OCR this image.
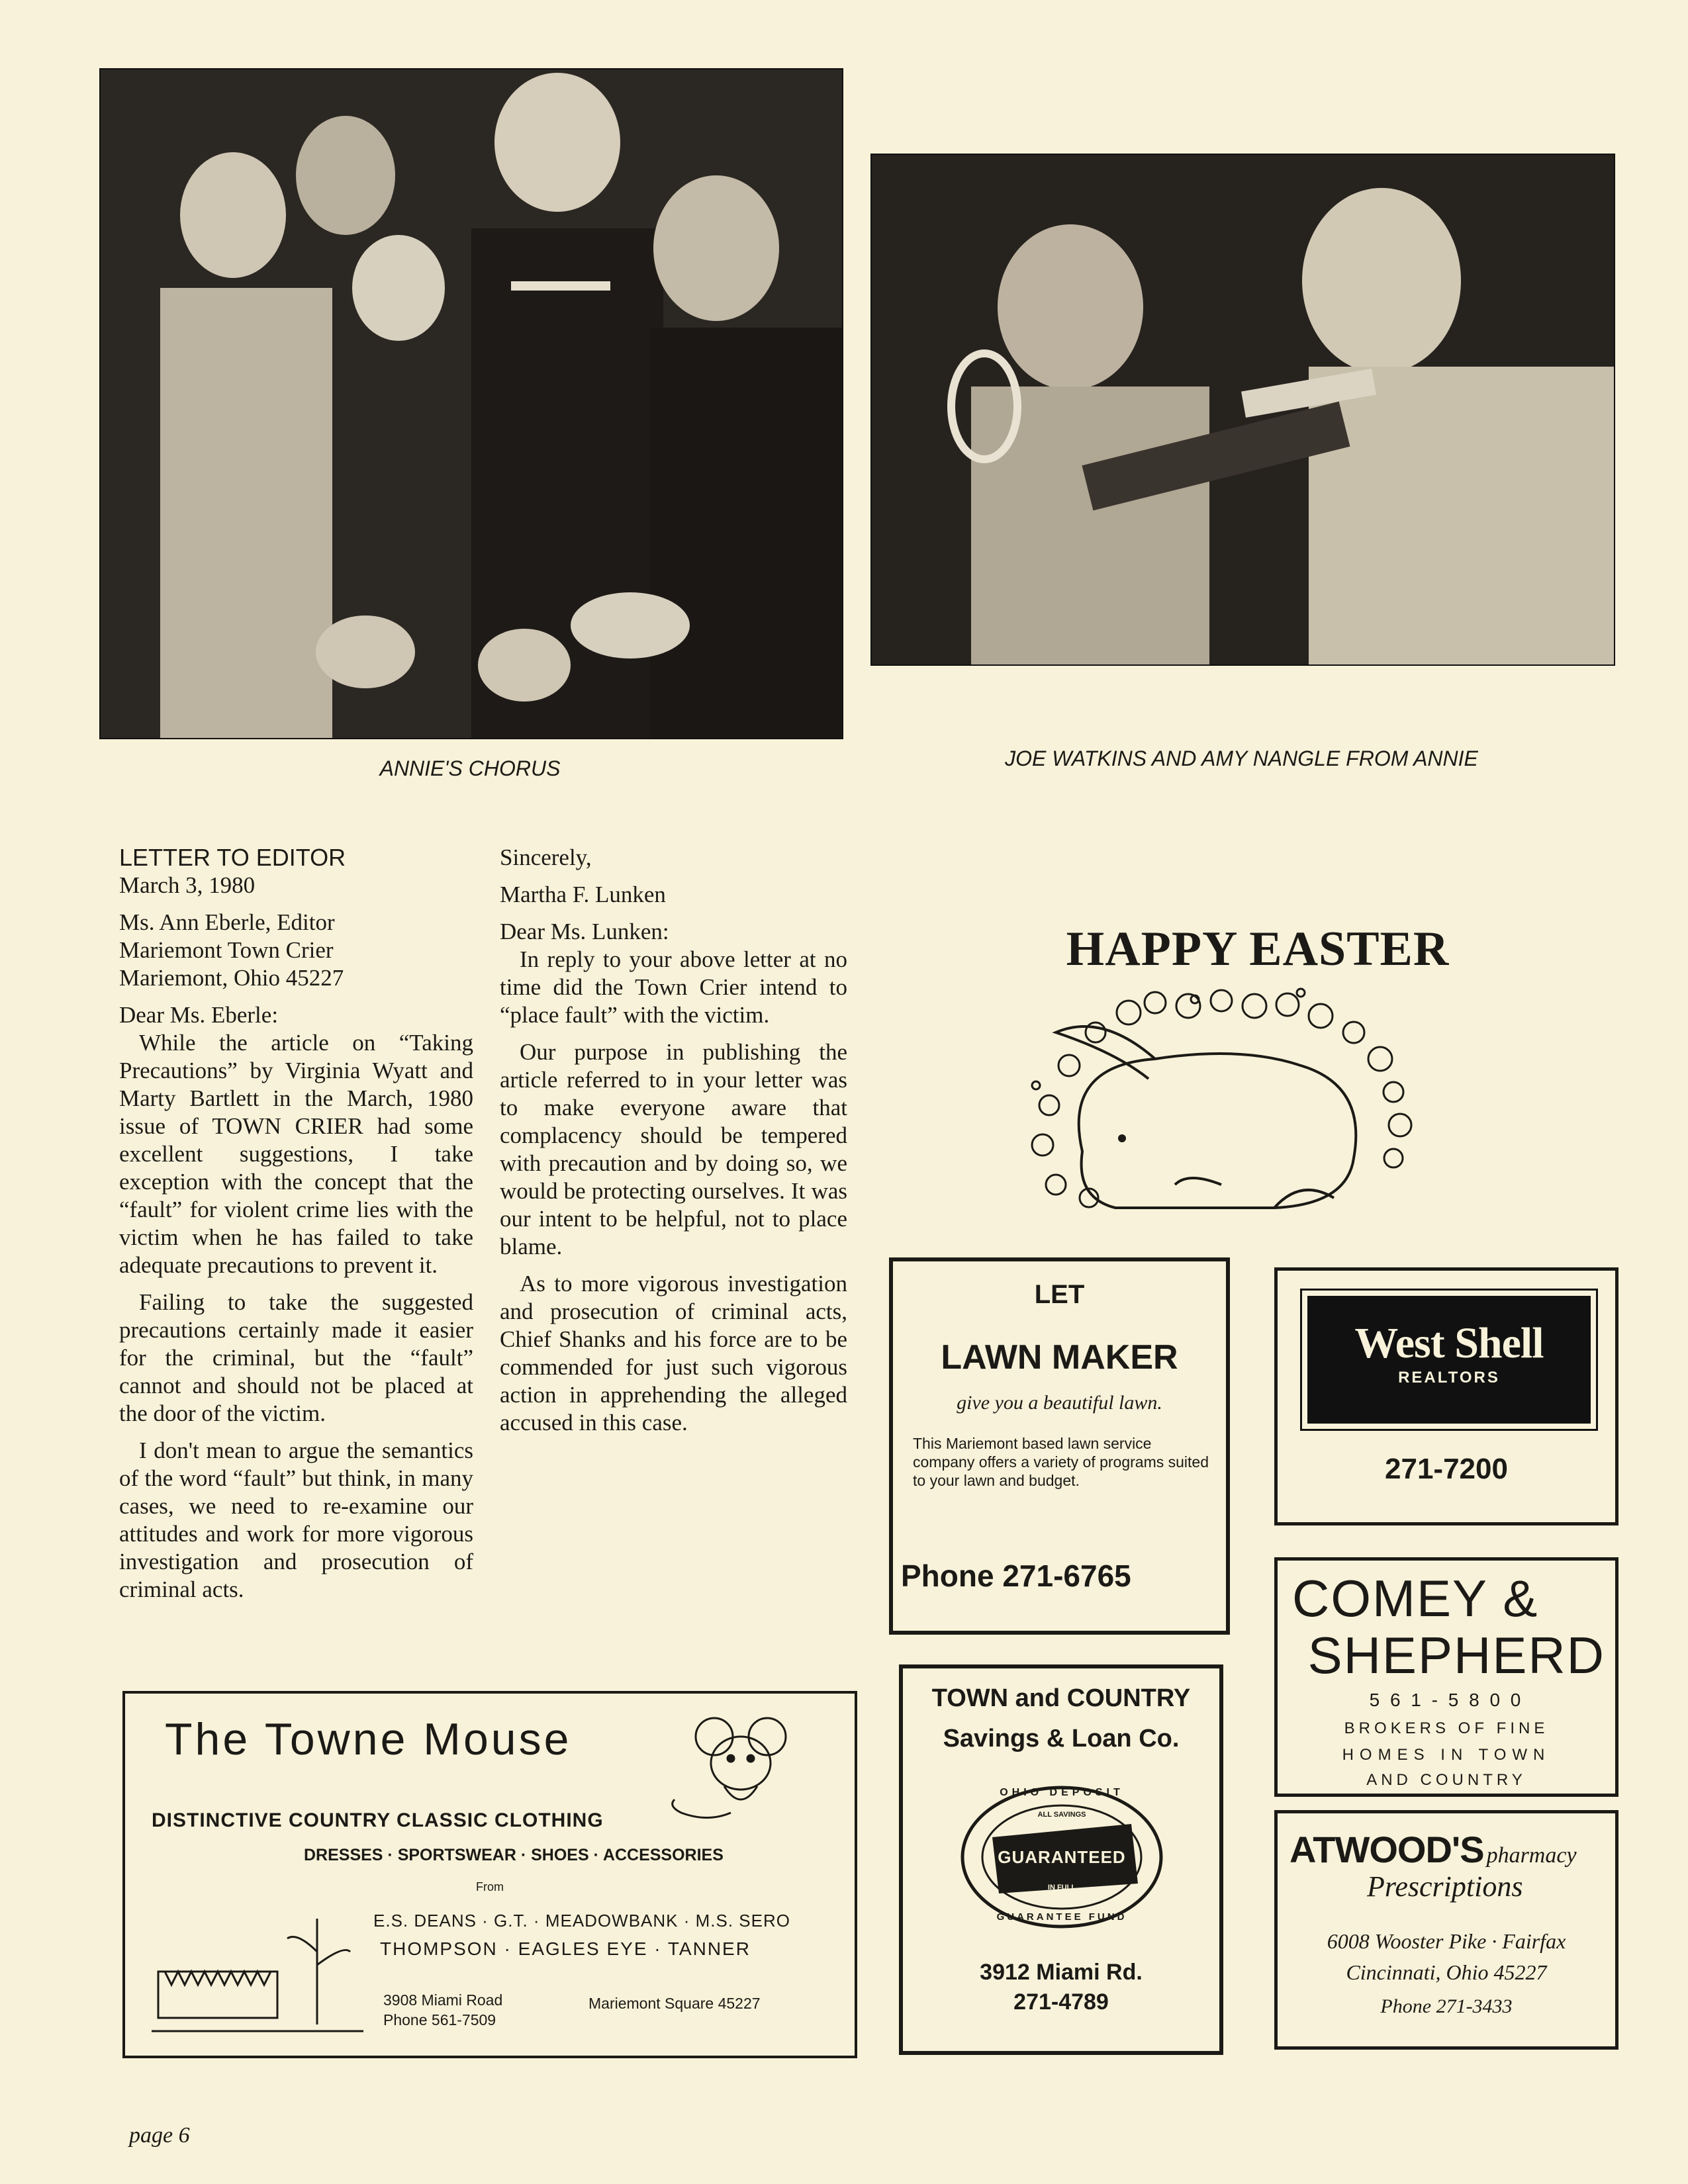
ANNIE'S CHORUS	JOE WATKINS AND AMY NANGLE FROM ANNIE
LETTER TO EDITOR
March 3, 1980
Ms. Ann Eberle, Editor
Mariemont Town Crier
Mariemont, Ohio 45227
Dear Ms. Eberle:

While the article on “Taking Precautions” by Virginia Wyatt and Marty Bartlett in the March, 1980 issue of TOWN CRIER had some excellent suggestions, I take exception with the concept that the “fault” for violent crime lies with the victim when he has failed to take adequate precautions to prevent it.

Failing to take the suggested precautions certainly made it easier for the criminal, but the “fault” cannot and should not be placed at the door of the victim.

I don't mean to argue the semantics of the word “fault” but think, in many cases, we need to re-examine our attitudes and work for more vigorous investigation and prosecution of criminal acts.

Sincerely,
Martha F. Lunken
Dear Ms. Lunken:

In reply to your above letter at no time did the Town Crier intend to “place fault” with the victim.

Our purpose in publishing the article referred to in your letter was to make everyone aware that complacency should be tempered with precaution and by doing so, we would be protecting ourselves. It was our intent to be helpful, not to place blame.

As to more vigorous investigation and prosecution of criminal acts, Chief Shanks and his force are to be commended for just such vigorous action in apprehending the alleged accused in this case.

HAPPY EASTER
LET
LAWN MAKER
give you a beautiful lawn.
This Mariemont based lawn service company offers a variety of programs suited to your lawn and budget.
Phone 271-6765
West Shell
REALTORS
271-7200
COMEY &
SHEPHERD
5 6 1 - 5 8 0 0
BROKERS OF FINE
HOMES IN TOWN
AND COUNTRY
ATWOOD'S pharmacy
Prescriptions
6008 Wooster Pike · Fairfax
Cincinnati, Ohio 45227
Phone 271-3433
TOWN and COUNTRY
Savings & Loan Co.
OHIO DEPOSIT
ALL SAVINGS
GUARANTEED
IN FULL
GUARANTEE FUND
3912 Miami Rd.
271-4789
The Towne Mouse
DISTINCTIVE COUNTRY CLASSIC CLOTHING
DRESSES · SPORTSWEAR · SHOES · ACCESSORIES
From
E.S. DEANS · G.T. · MEADOWBANK · M.S. SERO
THOMPSON · EAGLES EYE · TANNER
3908 Miami Road
Phone 561-7509
Mariemont Square 45227
page 6
